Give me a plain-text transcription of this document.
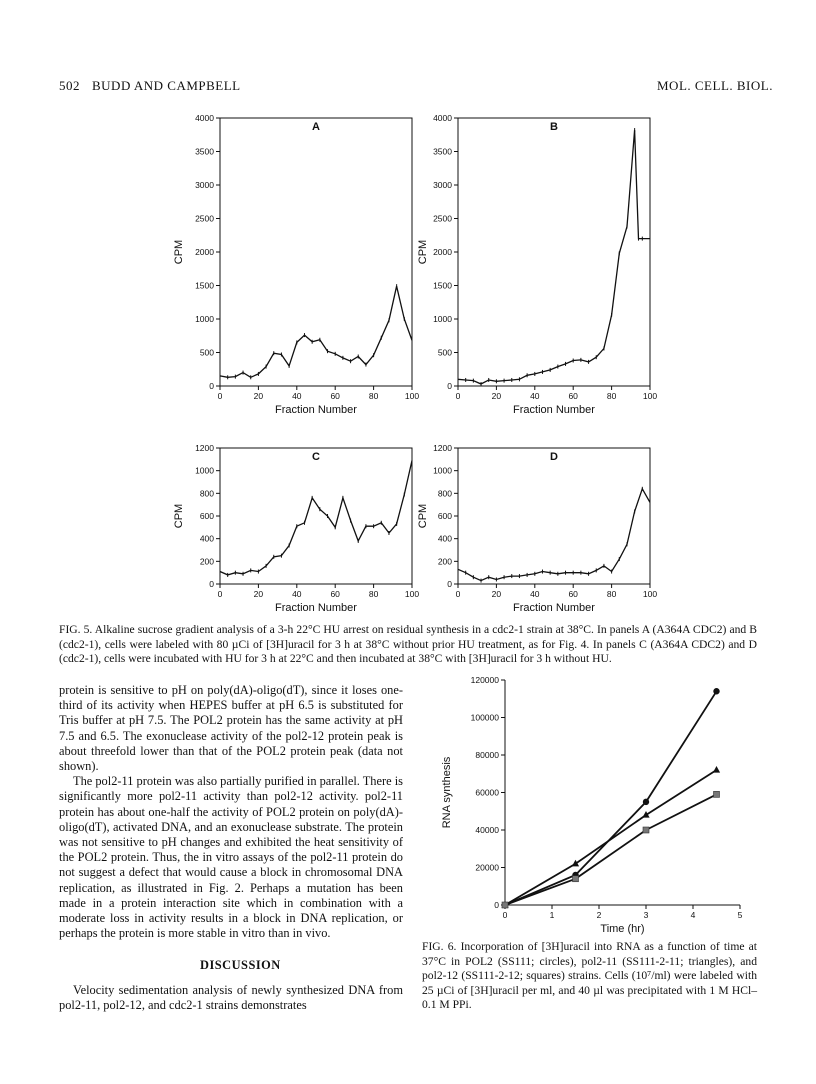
502 BUDD AND CAMPBELL	MOL. CELL. BIOL.
0	20	40	60	80	100
0
500
1000
1500
2000
2500
3000
3500
4000
Fraction Number
CPM
A
0	20	40	60	80	100
0
500
1000
1500
2000
2500
3000
3500
4000
Fraction Number
CPM
B
0	20	40	60	80	100
0
200
400
600
800
1000
1200
Fraction Number
CPM
C
0	20	40	60	80	100
0
200
400
600
800
1000
1200
Fraction Number
CPM
D
FIG. 5. Alkaline sucrose gradient analysis of a 3-h 22°C HU arrest on residual synthesis in a cdc2-1 strain at 38°C. In panels A (A364A CDC2) and B (cdc2-1), cells were labeled with 80 µCi of [3H]uracil for 3 h at 38°C without prior HU treatment, as for Fig. 4. In panels C (A364A CDC2) and D (cdc2-1), cells were incubated with HU for 3 h at 22°C and then incubated at 38°C with [3H]uracil for 3 h without HU.

protein is sensitive to pH on poly(dA)-oligo(dT), since it loses one-third of its activity when HEPES buffer at pH 6.5 is substituted for Tris buffer at pH 7.5. The POL2 protein has the same activity at pH 7.5 and 6.5. The exonuclease activity of the pol2-12 protein peak is about threefold lower than that of the POL2 protein peak (data not shown).

The pol2-11 protein was also partially purified in parallel. There is significantly more pol2-11 activity than pol2-12 activity. pol2-11 protein has about one-half the activity of POL2 protein on poly(dA)-oligo(dT), activated DNA, and an exonuclease substrate. The protein was not sensitive to pH changes and exhibited the heat sensitivity of the POL2 protein. Thus, the in vitro assays of the pol2-11 protein do not suggest a defect that would cause a block in chromosomal DNA replication, as illustrated in Fig. 2. Perhaps a mutation has been made in a protein interaction site which in combination with a moderate loss in activity results in a block in DNA replication, or perhaps the protein is more stable in vitro than in vivo.

DISCUSSION

Velocity sedimentation analysis of newly synthesized DNA from pol2-11, pol2-12, and cdc2-1 strains demonstrates

0	1	2	3	4	5
0
20000
40000
60000
80000
100000
120000
Time (hr)
RNA synthesis
FIG. 6. Incorporation of [3H]uracil into RNA as a function of time at 37°C in POL2 (SS111; circles), pol2-11 (SS111-2-11; triangles), and pol2-12 (SS111-2-12; squares) strains. Cells (10⁷/ml) were labeled with 25 µCi of [3H]uracil per ml, and 40 µl was precipitated with 1 M HCl–0.1 M PPi.
